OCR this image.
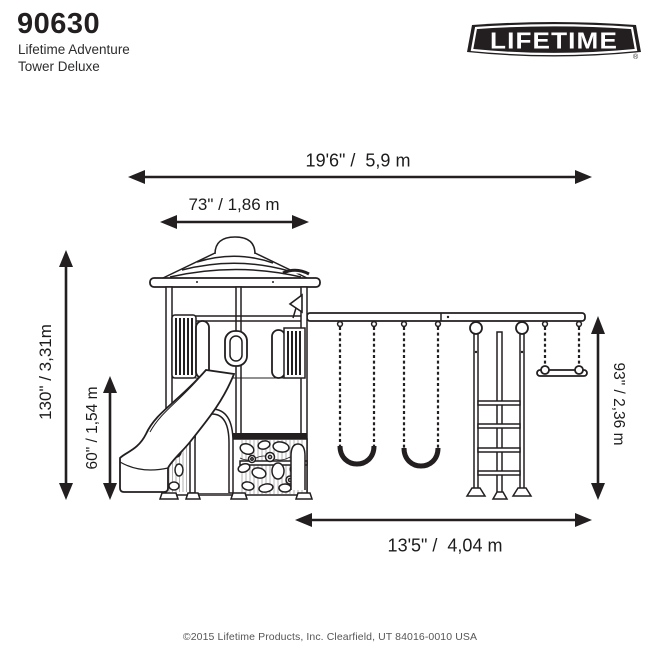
90630
Lifetime Adventure
Tower Deluxe
LIFETIME
®
19'6" /  5,9 m
73" / 1,86 m
130" / 3,31m
60" / 1,54 m	93" / 2,36 m
13'5" /  4,04 m
©2015 Lifetime Products, Inc. Clearfield, UT 84016-0010 USA
